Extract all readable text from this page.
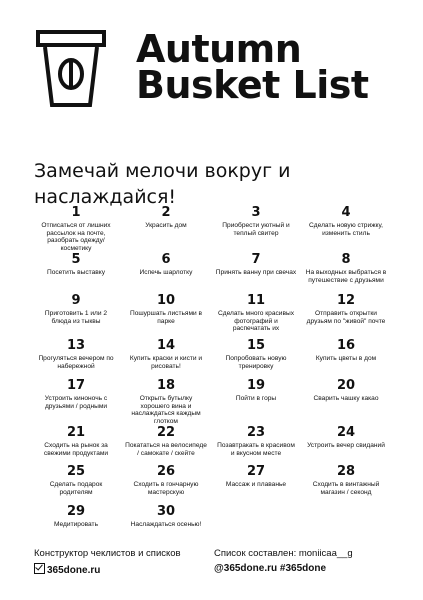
Autumn
Busket List
Замечай мелочи вокруг и наслаждайся!
1
Отписаться от лишних рассылок на почте, разобрать одежду/ косметику
2
Украсить дом
3
Приобрести уютный и теплый свитер
4
Сделать новую стрижку, изменить стиль
5
Посетить выставку
6
Испечь шарлотку
7
Принять ванну при свечах
8
На выходных выбраться в путешествие с друзьями
9
Приготовить 1 или 2 блюда из тыквы
10
Пошуршать листьями в парке
11
Сделать много красивых фотографий и распечатать их
12
Отправить открытки друзьям по "живой" почте
13
Прогуляться вечером по набережной
14
Купить краски и кисти и рисовать!
15
Попробовать новую тренировку
16
Купить цветы в дом
17
Устроить киноночь с друзьями / родными
18
Открыть бутылку хорошего вина и наслаждаться каждым глотком
19
Пойти в горы
20
Сварить чашку какао
21
Сходить на рынок за свежими продуктами
22
Покататься на велосипеде / самокате / скейте
23
Позавтракать в красивом и вкусном месте
24
Устроить вечер свиданий
25
Сделать подарок родителям
26
Сходить в гончарную мастерскую
27
Массаж и плаванье
28
Сходить в винтажный магазин / секонд
29
Медитировать
30
Наслаждаться осенью!
Конструктор чеклистов и списков
365done.ru
Список составлен: moniicaa__g
@365done.ru #365done
